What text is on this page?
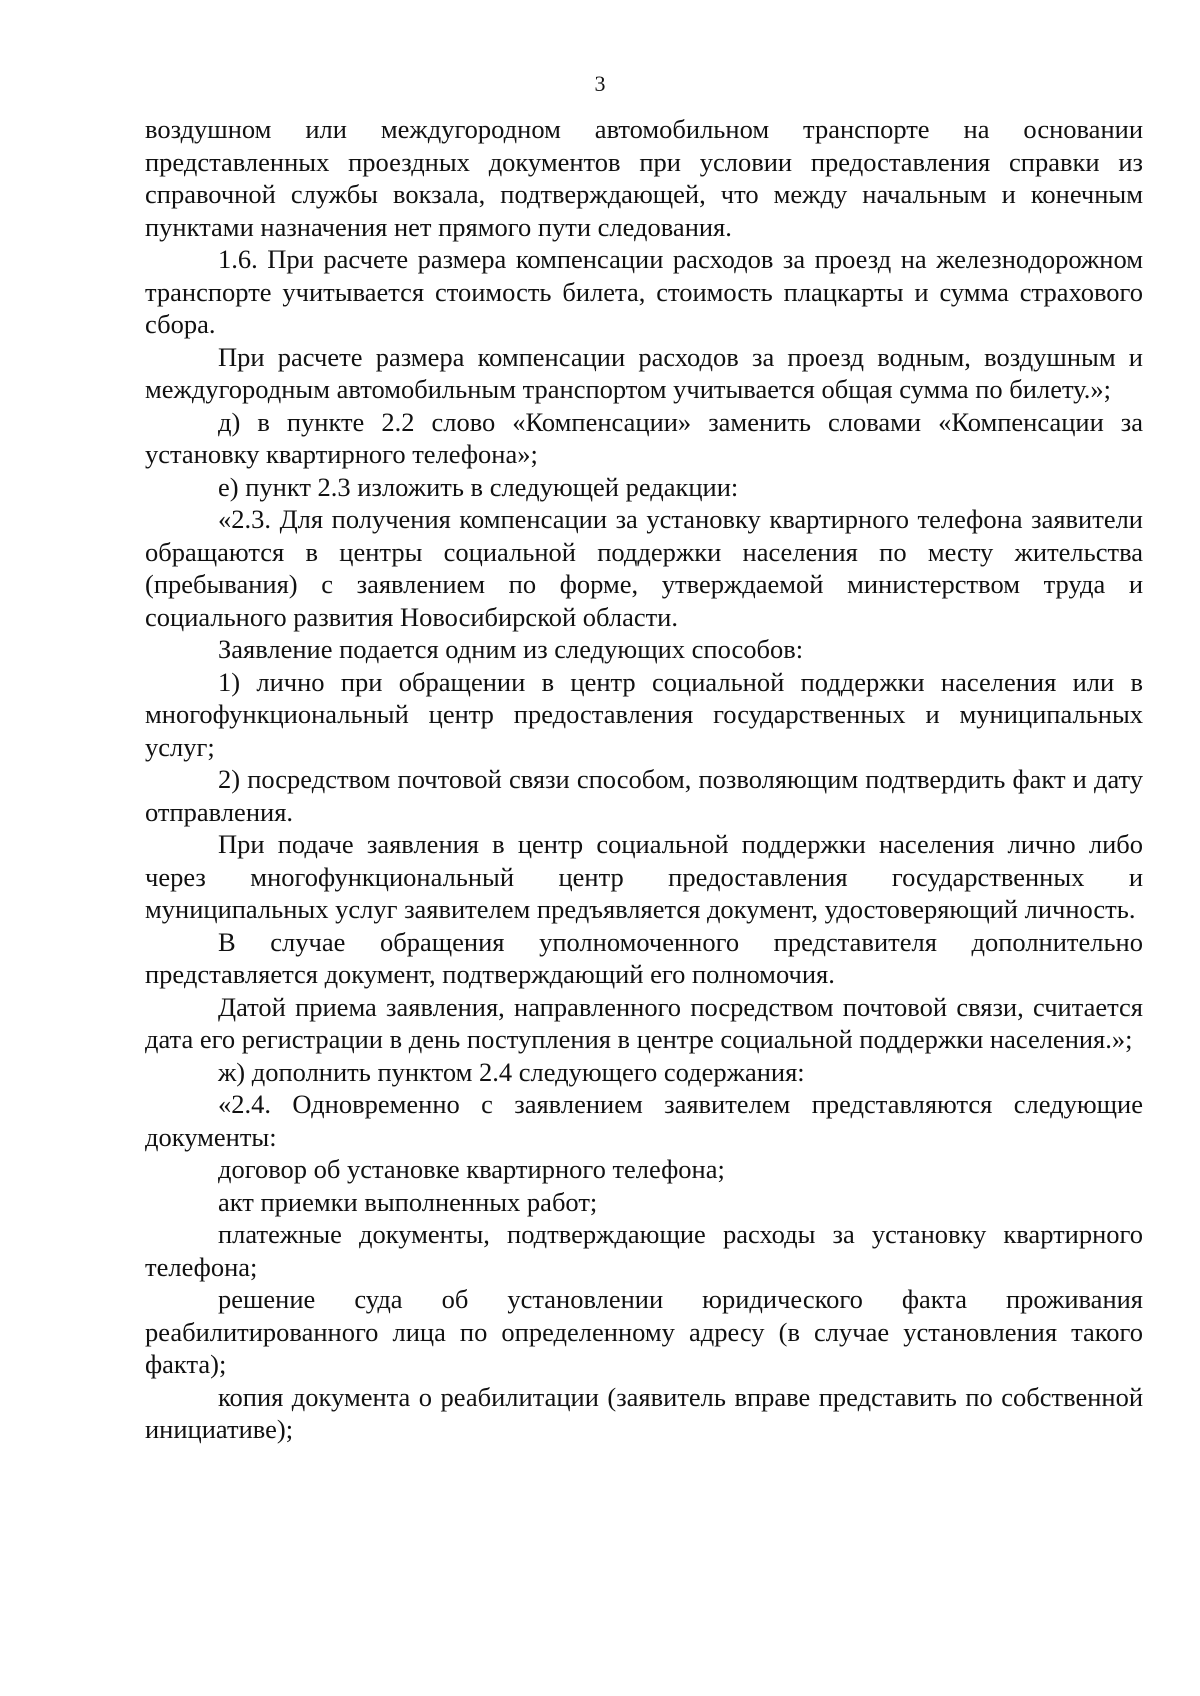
3

воздушном или междугородном автомобильном транспорте на основании представленных проездных документов при условии предоставления справки из справочной службы вокзала, подтверждающей, что между начальным и конечным пунктами назначения нет прямого пути следования.

1.6. При расчете размера компенсации расходов за проезд на железнодорожном транспорте учитывается стоимость билета, стоимость плацкарты и сумма страхового сбора.

При расчете размера компенсации расходов за проезд водным, воздушным и междугородным автомобильным транспортом учитывается общая сумма по билету.»;

д) в пункте 2.2 слово «Компенсации» заменить словами «Компенсации за установку квартирного телефона»;

е) пункт 2.3 изложить в следующей редакции:

«2.3. Для получения компенсации за установку квартирного телефона заявители обращаются в центры социальной поддержки населения по месту жительства (пребывания) с заявлением по форме, утверждаемой министерством труда и социального развития Новосибирской области.

Заявление подается одним из следующих способов:

1) лично при обращении в центр социальной поддержки населения или в многофункциональный центр предоставления государственных и муниципальных услуг;

2) посредством почтовой связи способом, позволяющим подтвердить факт и дату отправления.

При подаче заявления в центр социальной поддержки населения лично либо через многофункциональный центр предоставления государственных и муниципальных услуг заявителем предъявляется документ, удостоверяющий личность.

В случае обращения уполномоченного представителя дополнительно представляется документ, подтверждающий его полномочия.

Датой приема заявления, направленного посредством почтовой связи, считается дата его регистрации в день поступления в центре социальной поддержки населения.»;

ж) дополнить пунктом 2.4 следующего содержания:

«2.4. Одновременно с заявлением заявителем представляются следующие документы:

договор об установке квартирного телефона;

акт приемки выполненных работ;

платежные документы, подтверждающие расходы за установку квартирного телефона;

решение суда об установлении юридического факта проживания реабилитированного лица по определенному адресу (в случае установления такого факта);

копия документа о реабилитации (заявитель вправе представить по собственной инициативе);
